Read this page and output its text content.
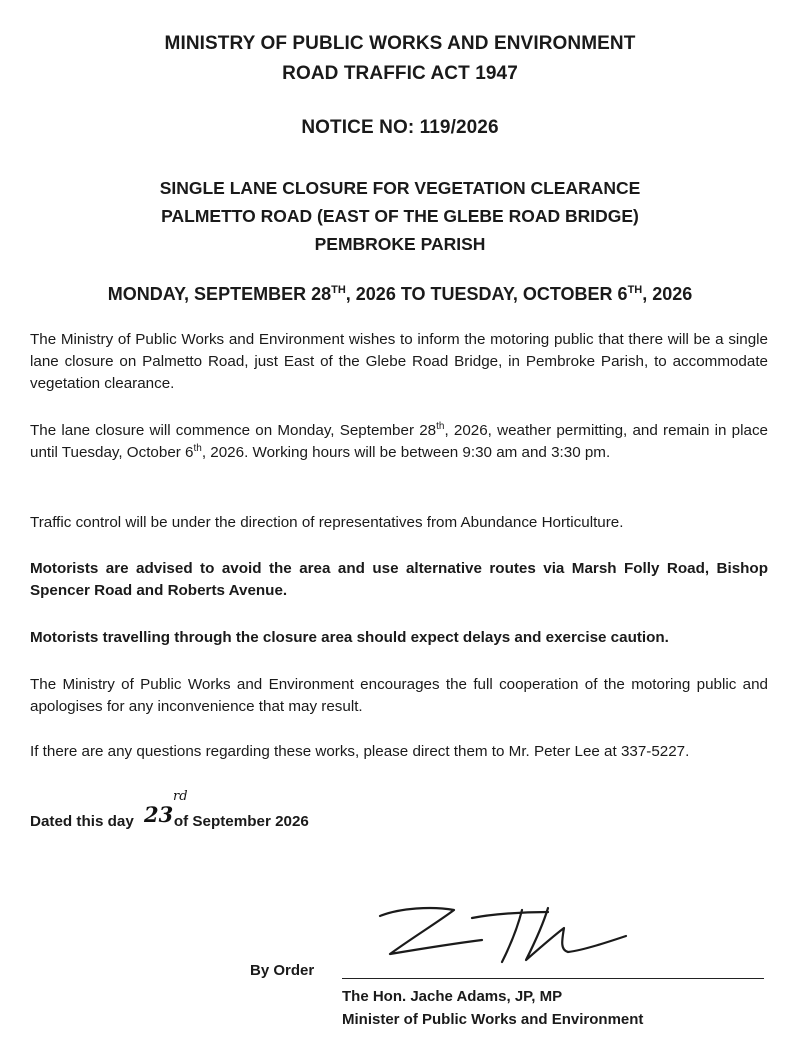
MINISTRY OF PUBLIC WORKS AND ENVIRONMENT
ROAD TRAFFIC ACT 1947
NOTICE NO: 119/2026
SINGLE LANE CLOSURE FOR VEGETATION CLEARANCE
PALMETTO ROAD (EAST OF THE GLEBE ROAD BRIDGE)
PEMBROKE PARISH
MONDAY, SEPTEMBER 28TH, 2026 TO TUESDAY, OCTOBER 6TH, 2026

The Ministry of Public Works and Environment wishes to inform the motoring public that there will be a single lane closure on Palmetto Road, just East of the Glebe Road Bridge, in Pembroke Parish, to accommodate vegetation clearance.

The lane closure will commence on Monday, September 28th, 2026, weather permitting, and remain in place until Tuesday, October 6th, 2026. Working hours will be between 9:30 am and 3:30 pm.

Traffic control will be under the direction of representatives from Abundance Horticulture.

Motorists are advised to avoid the area and use alternative routes via Marsh Folly Road, Bishop Spencer Road and Roberts Avenue.

Motorists travelling through the closure area should expect delays and exercise caution.

The Ministry of Public Works and Environment encourages the full cooperation of the motoring public and apologises for any inconvenience that may result.

If there are any questions regarding these works, please direct them to Mr. Peter Lee at 337-5227.

Dated this day	of September 2026
23
rd
By Order
The Hon. Jache Adams, JP, MP
Minister of Public Works and Environment
